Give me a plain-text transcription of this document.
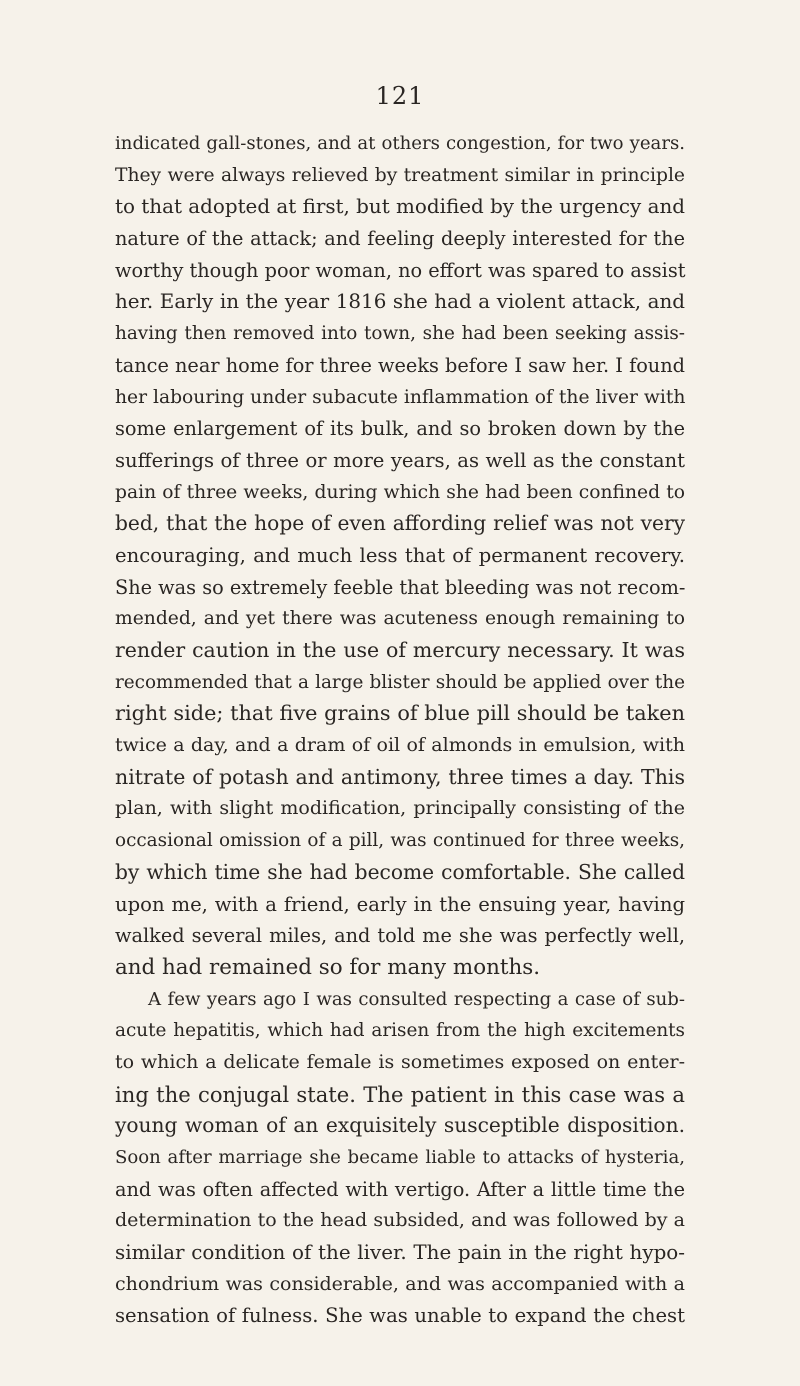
121
indicated gall-stones, and at others congestion, for two years.
They were always relieved by treatment similar in principle
to that adopted at first, but modified by the urgency and
nature of the attack; and feeling deeply interested for the
worthy though poor woman, no effort was spared to assist
her. Early in the year 1816 she had a violent attack, and
having then removed into town, she had been seeking assis-
tance near home for three weeks before I saw her. I found
her labouring under subacute inflammation of the liver with
some enlargement of its bulk, and so broken down by the
sufferings of three or more years, as well as the constant
pain of three weeks, during which she had been confined to
bed, that the hope of even affording relief was not very
encouraging, and much less that of permanent recovery.
She was so extremely feeble that bleeding was not recom-
mended, and yet there was acuteness enough remaining to
render caution in the use of mercury necessary. It was
recommended that a large blister should be applied over the
right side; that five grains of blue pill should be taken
twice a day, and a dram of oil of almonds in emulsion, with
nitrate of potash and antimony, three times a day. This
plan, with slight modification, principally consisting of the
occasional omission of a pill, was continued for three weeks,
by which time she had become comfortable. She called
upon me, with a friend, early in the ensuing year, having
walked several miles, and told me she was perfectly well,
and had remained so for many months.
A few years ago I was consulted respecting a case of sub-
acute hepatitis, which had arisen from the high excitements
to which a delicate female is sometimes exposed on enter-
ing the conjugal state. The patient in this case was a
young woman of an exquisitely susceptible disposition.
Soon after marriage she became liable to attacks of hysteria,
and was often affected with vertigo. After a little time the
determination to the head subsided, and was followed by a
similar condition of the liver. The pain in the right hypo-
chondrium was considerable, and was accompanied with a
sensation of fulness. She was unable to expand the chest
